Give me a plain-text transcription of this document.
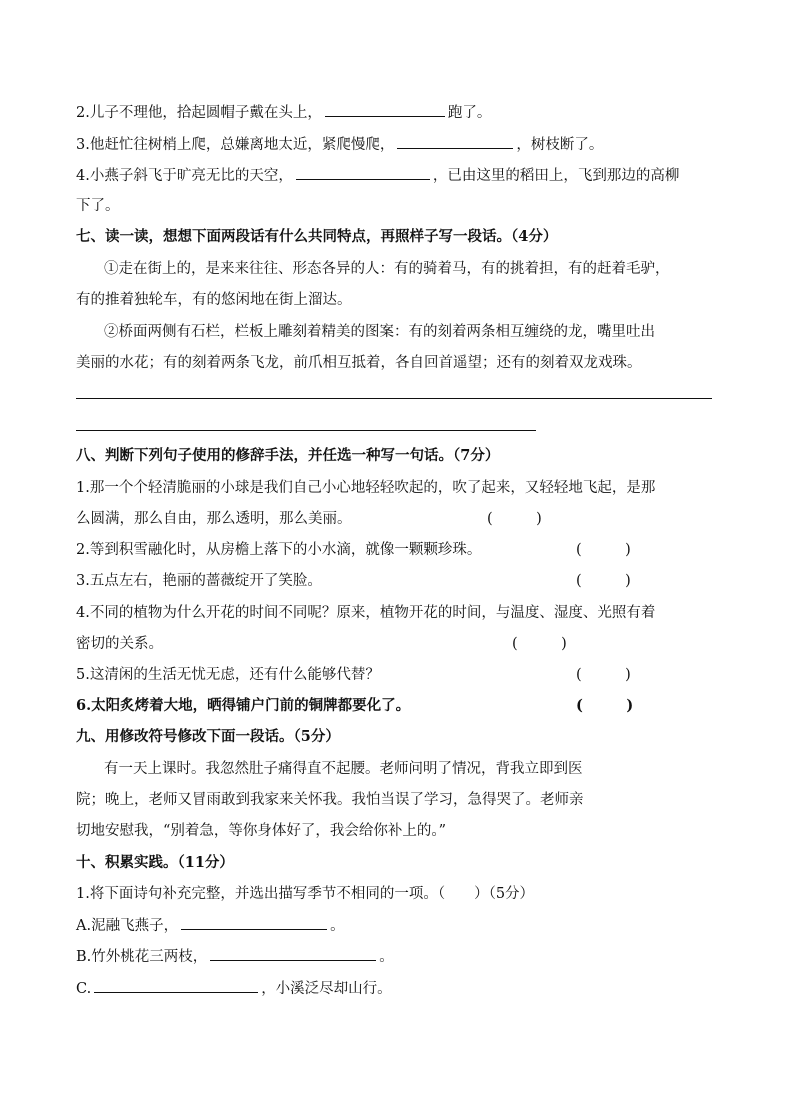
2.儿子不理他，拾起圆帽子戴在头上，	跑了。
3.他赶忙往树梢上爬，总嫌离地太近，紧爬慢爬，	，树枝断了。
4.小燕子斜飞于旷亮无比的天空，	，已由这里的稻田上，飞到那边的高柳
下了。
七、读一读，想想下面两段话有什么共同特点，再照样子写一段话。（4分）
①走在街上的，是来来往往、形态各异的人：有的骑着马，有的挑着担，有的赶着毛驴，
有的推着独轮车，有的悠闲地在街上溜达。
②桥面两侧有石栏，栏板上雕刻着精美的图案：有的刻着两条相互缠绕的龙，嘴里吐出
美丽的水花；有的刻着两条飞龙，前爪相互抵着，各自回首遥望；还有的刻着双龙戏珠。
八、判断下列句子使用的修辞手法，并任选一种写一句话。（7分）
1.那一个个轻清脆丽的小球是我们自己小心地轻轻吹起的，吹了起来，又轻轻地飞起，是那
么圆满，那么自由，那么透明，那么美丽。	(　　　)
2.等到积雪融化时，从房檐上落下的小水滴，就像一颗颗珍珠。	(　　　)
3.五点左右，艳丽的蔷薇绽开了笑脸。	(　　　)
4.不同的植物为什么开花的时间不同呢？原来，植物开花的时间，与温度、湿度、光照有着
密切的关系。	(　　　)
5.这清闲的生活无忧无虑，还有什么能够代替？	(　　　)
6.太阳炙烤着大地，晒得铺户门前的铜牌都要化了。	(　　　)
九、用修改符号修改下面一段话。（5分）
有一天上课时。我忽然肚子痛得直不起腰。老师问明了情况，背我立即到医
院；晚上，老师又冒雨敢到我家来关怀我。我怕当误了学习，急得哭了。老师亲
切地安慰我，“别着急，等你身体好了，我会给你补上的。”
十、积累实践。（11分）
1.将下面诗句补充完整，并选出描写季节不相同的一项。（　　）（5分）
A.泥融飞燕子，	。
B.竹外桃花三两枝，	。
C.	，小溪泛尽却山行。
